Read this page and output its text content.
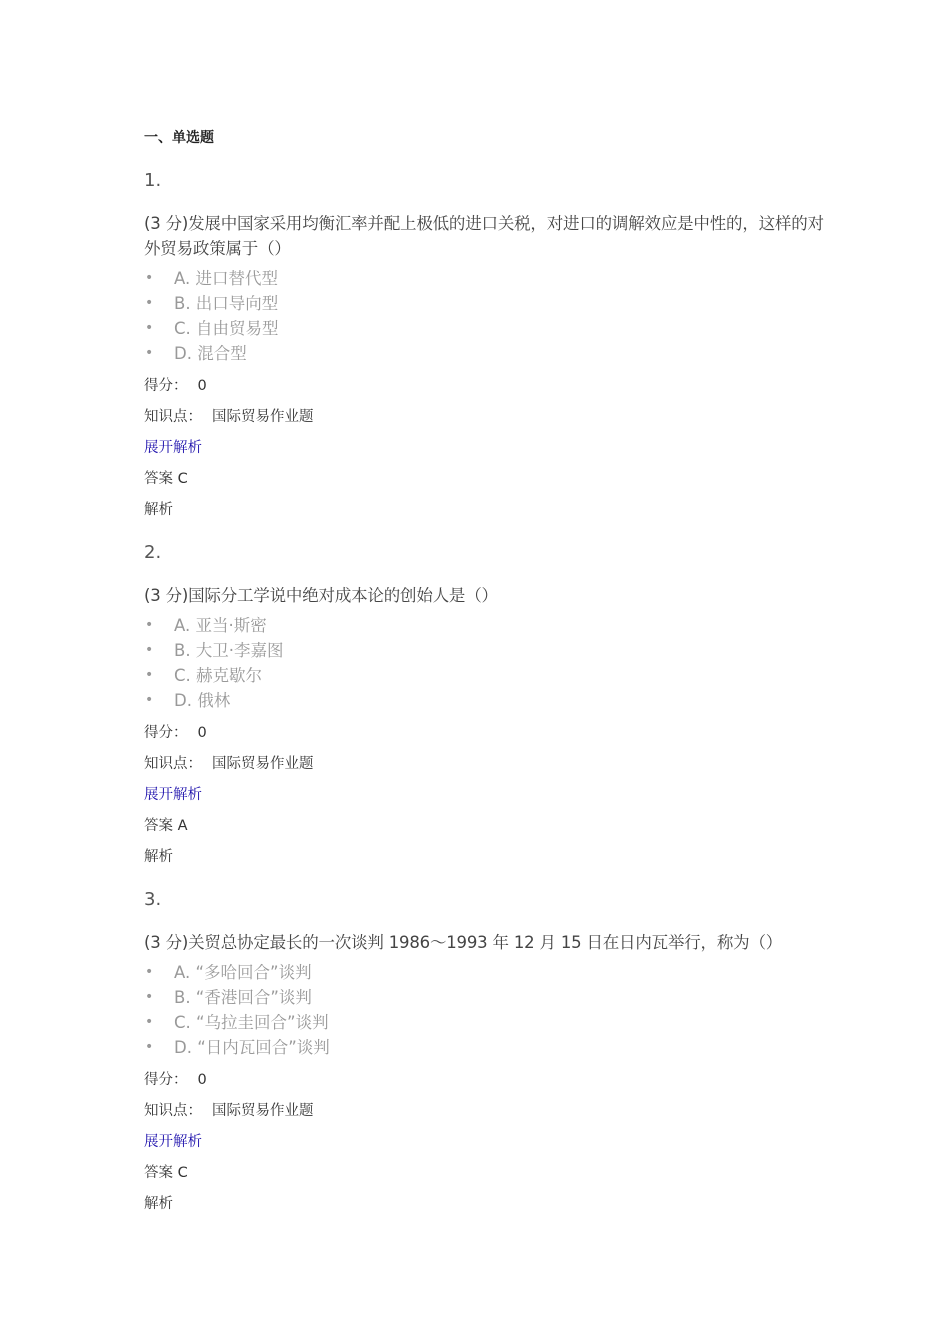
一、单选题
1.
(3 分)发展中国家采用均衡汇率并配上极低的进口关税，对进口的调解效应是中性的，这样的对外贸易政策属于（）
• A. 进口替代型
• B. 出口导向型
• C. 自由贸易型
• D. 混合型
得分： 0
知识点： 国际贸易作业题
展开解析
答案 C
解析
2.
(3 分)国际分工学说中绝对成本论的创始人是（）
• A. 亚当·斯密
• B. 大卫·李嘉图
• C. 赫克歇尔
• D. 俄林
得分： 0
知识点： 国际贸易作业题
展开解析
答案 A
解析
3.
(3 分)关贸总协定最长的一次谈判 1986～1993 年 12 月 15 日在日内瓦举行，称为（）
• A. “多哈回合”谈判
• B. “香港回合”谈判
• C. “乌拉圭回合”谈判
• D. “日内瓦回合”谈判
得分： 0
知识点： 国际贸易作业题
展开解析
答案 C
解析
